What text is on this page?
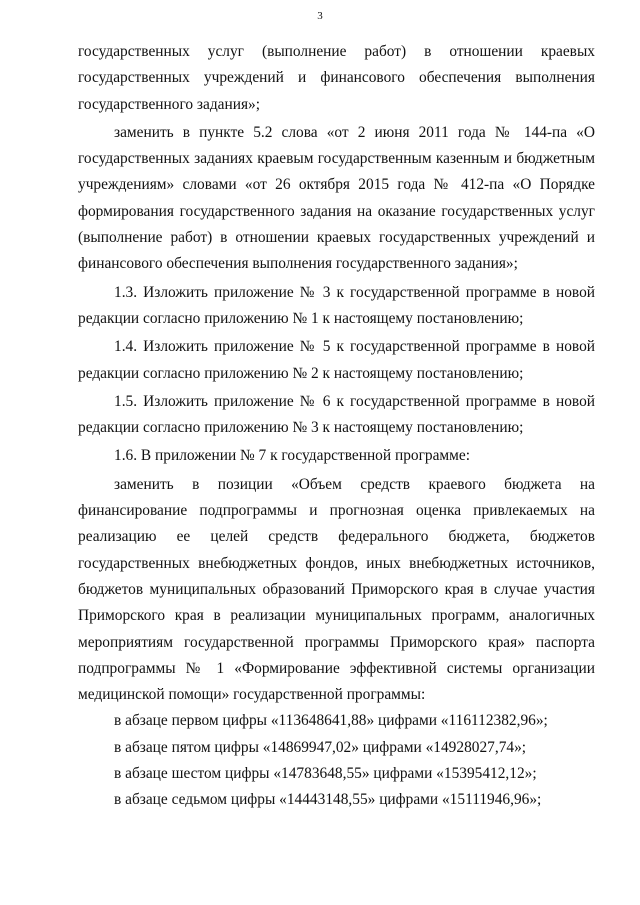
3

государственных услуг (выполнение работ) в отношении краевых государственных учреждений и финансового обеспечения выполнения государственного задания»;

заменить в пункте 5.2 слова «от 2 июня 2011 года № 144-па «О государственных заданиях краевым государственным казенным и бюджетным учреждениям» словами «от 26 октября 2015 года № 412-па «О Порядке формирования государственного задания на оказание государственных услуг (выполнение работ) в отношении краевых государственных учреждений и финансового обеспечения выполнения государственного задания»;

1.3. Изложить приложение № 3 к государственной программе в новой редакции согласно приложению № 1 к настоящему постановлению;

1.4. Изложить приложение № 5 к государственной программе в новой редакции согласно приложению № 2 к настоящему постановлению;

1.5. Изложить приложение № 6 к государственной программе в новой редакции согласно приложению № 3 к настоящему постановлению;

1.6. В приложении № 7 к государственной программе:

заменить в позиции «Объем средств краевого бюджета на финансирование подпрограммы и прогнозная оценка привлекаемых на реализацию ее целей средств федерального бюджета, бюджетов государственных внебюджетных фондов, иных внебюджетных источников, бюджетов муниципальных образований Приморского края в случае участия Приморского края в реализации муниципальных программ, аналогичных мероприятиям государственной программы Приморского края» паспорта подпрограммы № 1 «Формирование эффективной системы организации медицинской помощи» государственной программы:

в абзаце первом цифры «113648641,88» цифрами «116112382,96»;

в абзаце пятом цифры «14869947,02» цифрами «14928027,74»;

в абзаце шестом цифры «14783648,55» цифрами «15395412,12»;

в абзаце седьмом цифры «14443148,55» цифрами «15111946,96»;
